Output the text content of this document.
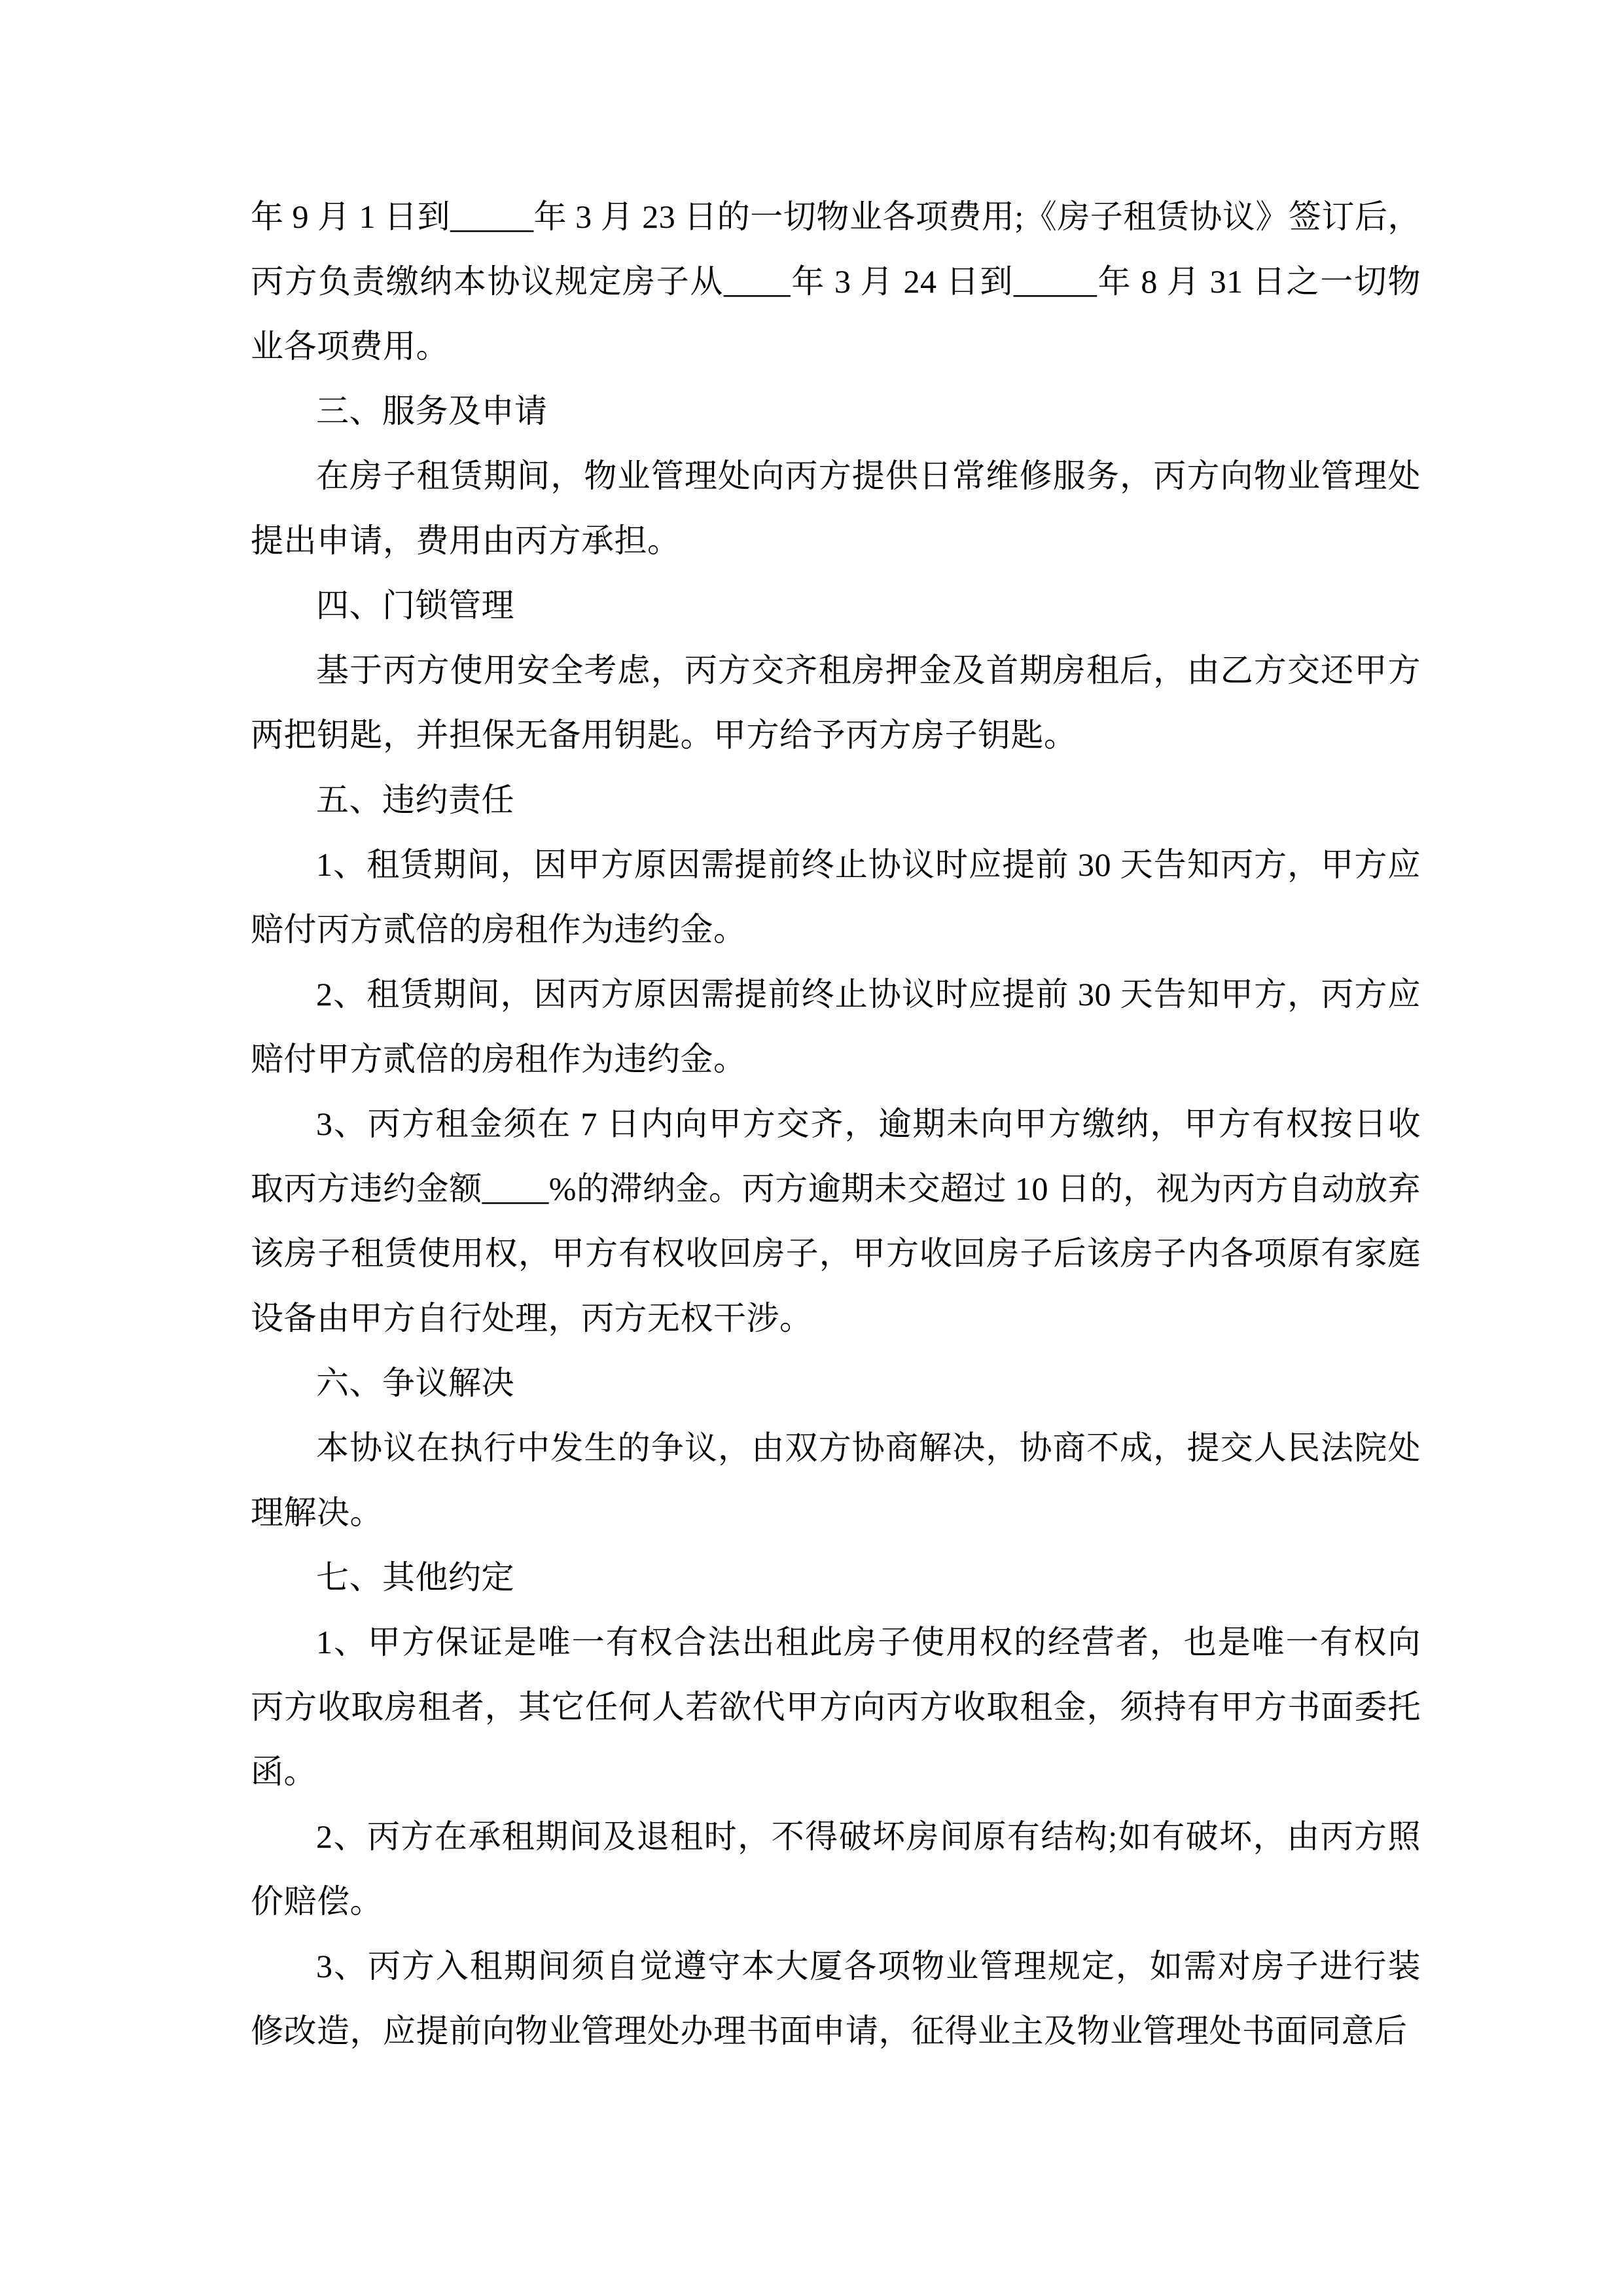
年 9 月 1 日到_____年 3 月 23 日的一切物业各项费用;《房子租赁协议》签订后，丙方负责缴纳本协议规定房子从____年 3 月 24 日到_____年 8 月 31 日之一切物业各项费用。

三、服务及申请

在房子租赁期间，物业管理处向丙方提供日常维修服务，丙方向物业管理处提出申请，费用由丙方承担。

四、门锁管理

基于丙方使用安全考虑，丙方交齐租房押金及首期房租后，由乙方交还甲方两把钥匙，并担保无备用钥匙。甲方给予丙方房子钥匙。

五、违约责任

1、租赁期间，因甲方原因需提前终止协议时应提前 30 天告知丙方，甲方应赔付丙方贰倍的房租作为违约金。

2、租赁期间，因丙方原因需提前终止协议时应提前 30 天告知甲方，丙方应赔付甲方贰倍的房租作为违约金。

3、丙方租金须在 7 日内向甲方交齐，逾期未向甲方缴纳，甲方有权按日收取丙方违约金额____%的滞纳金。丙方逾期未交超过 10 日的，视为丙方自动放弃该房子租赁使用权，甲方有权收回房子，甲方收回房子后该房子内各项原有家庭设备由甲方自行处理，丙方无权干涉。

六、争议解决

本协议在执行中发生的争议，由双方协商解决，协商不成，提交人民法院处理解决。

七、其他约定

1、甲方保证是唯一有权合法出租此房子使用权的经营者，也是唯一有权向丙方收取房租者，其它任何人若欲代甲方向丙方收取租金，须持有甲方书面委托函。

2、丙方在承租期间及退租时，不得破坏房间原有结构;如有破坏，由丙方照价赔偿。

3、丙方入租期间须自觉遵守本大厦各项物业管理规定，如需对房子进行装修改造，应提前向物业管理处办理书面申请，征得业主及物业管理处书面同意后
